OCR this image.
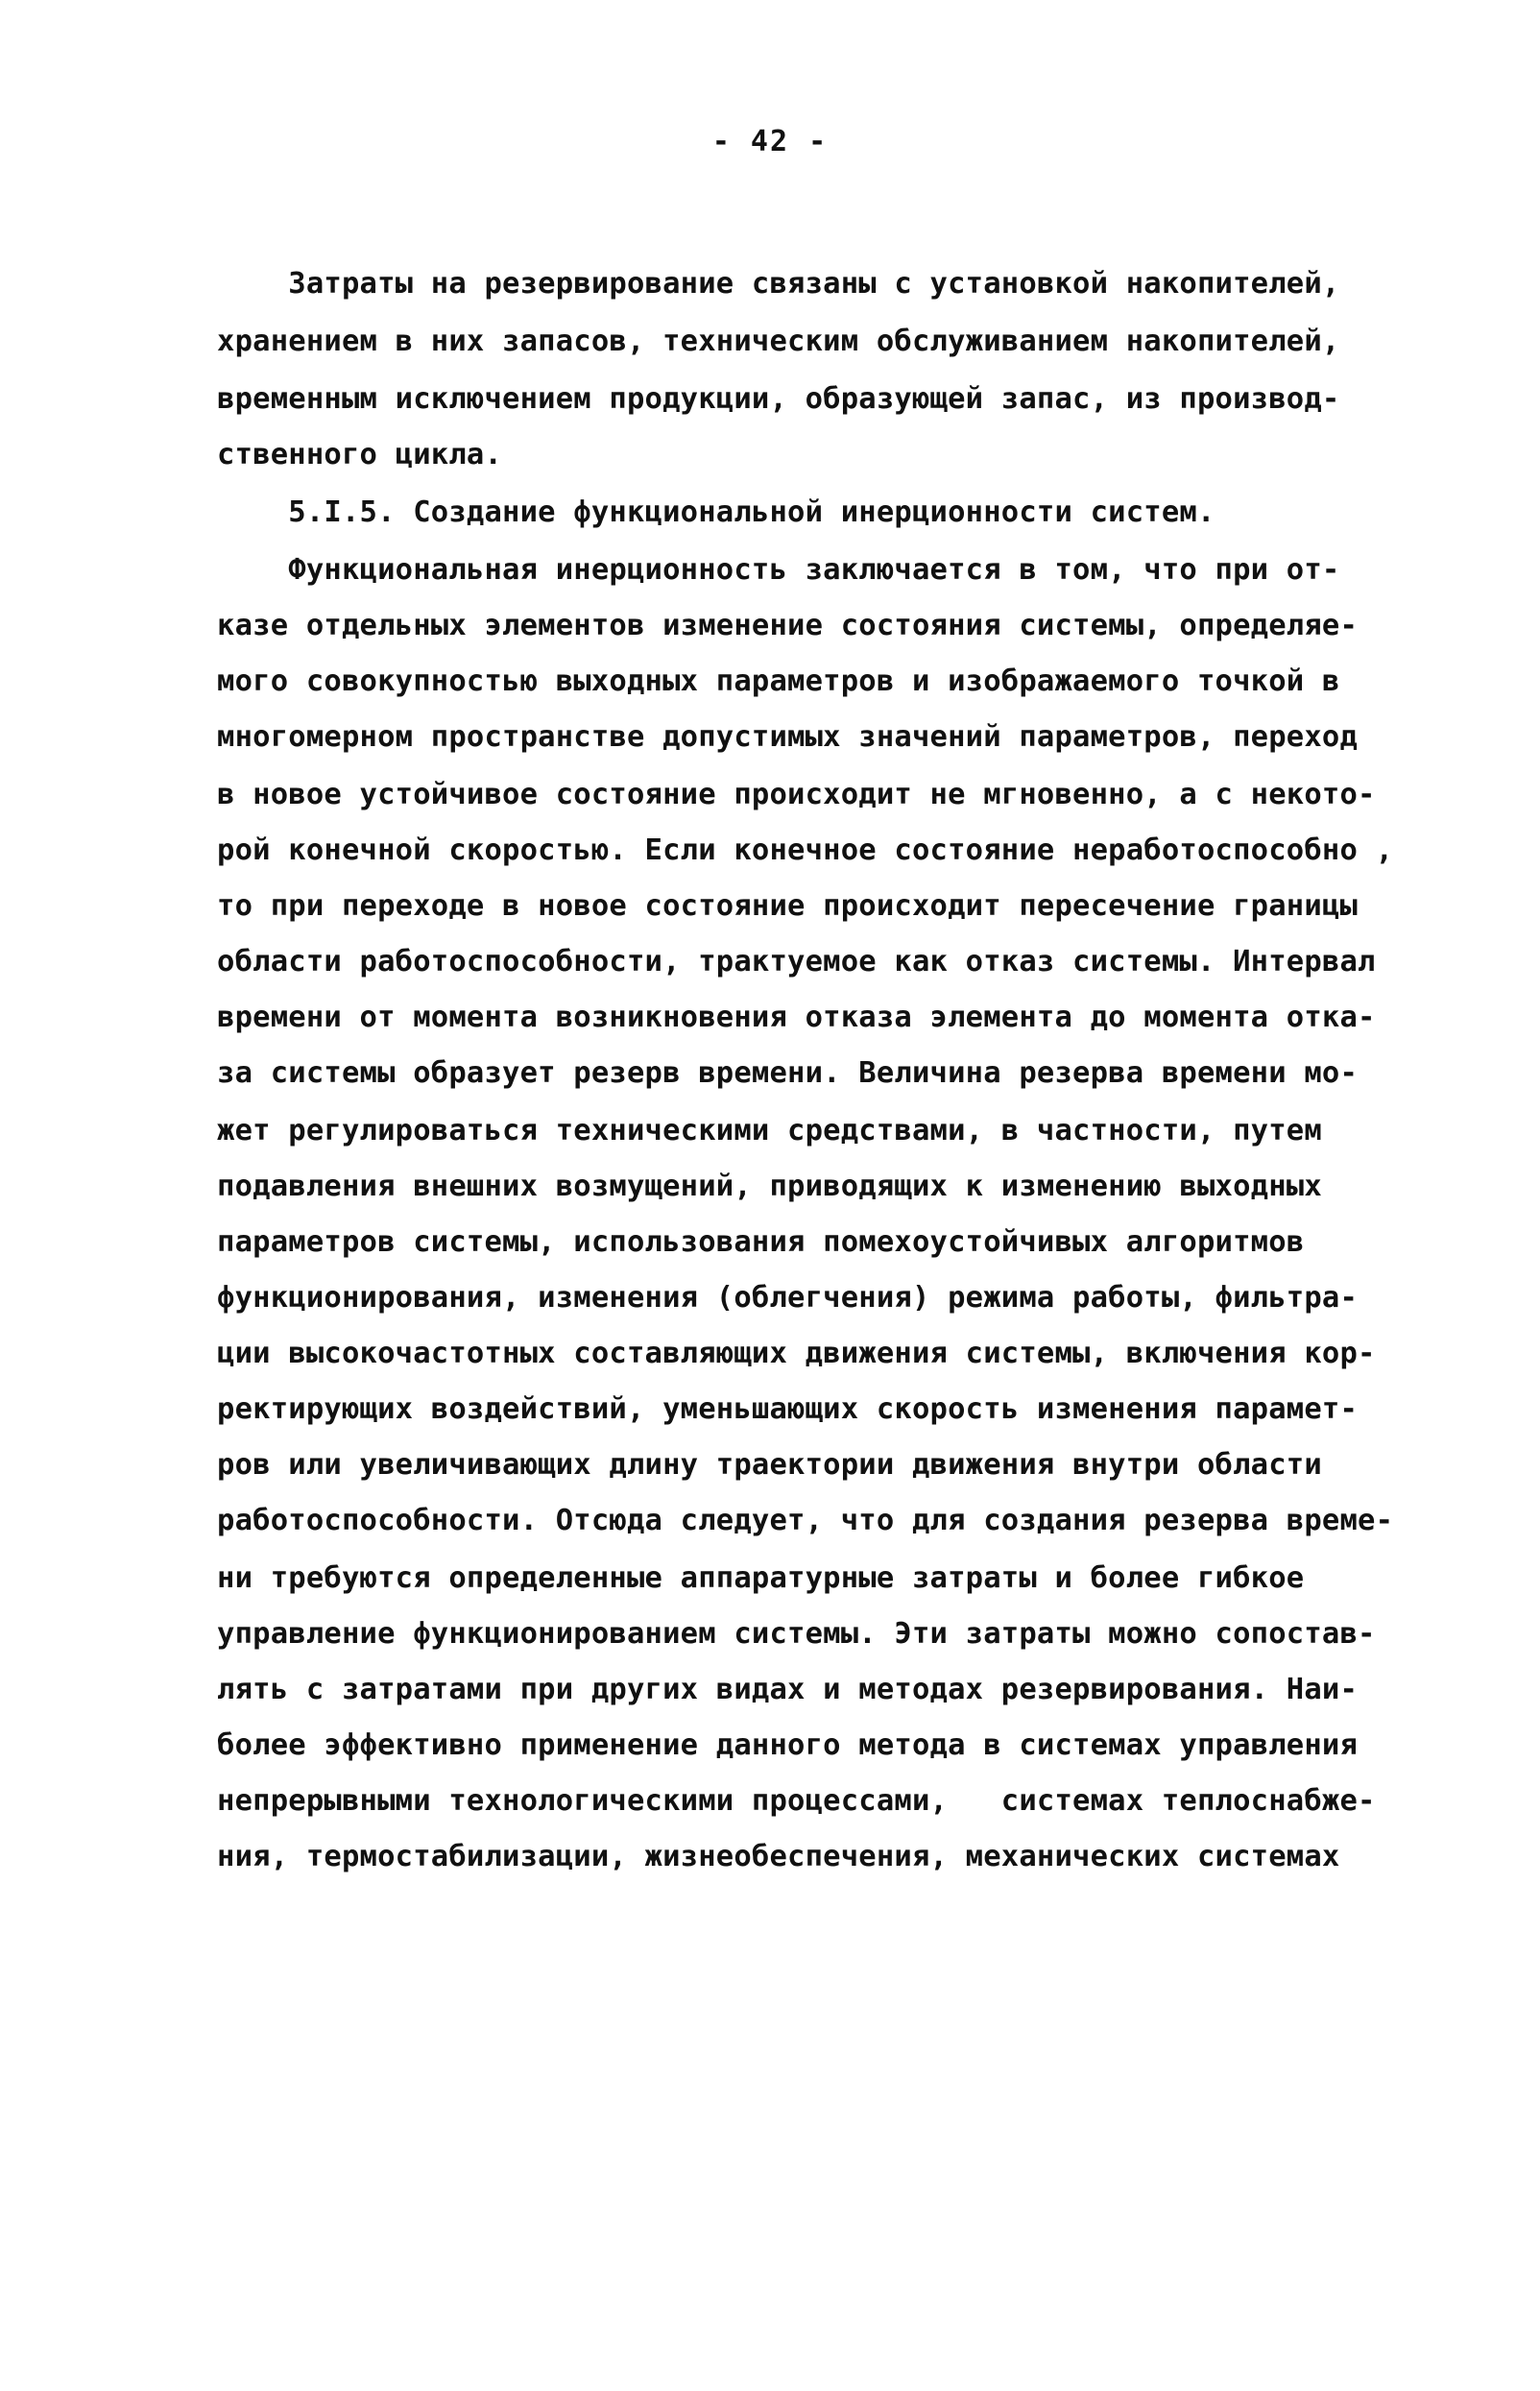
- 42 -
Затраты на резервирование связаны с установкой накопителей,
хранением в них запасов, техническим обслуживанием накопителей,
временным исключением продукции, образующей запас, из производ-
ственного цикла.
5.I.5. Создание функциональной инерционности систем.
Функциональная инерционность заключается в том, что при от-
казе отдельных элементов изменение состояния системы, определяе-
мого совокупностью выходных параметров и изображаемого точкой в
многомерном пространстве допустимых значений параметров, переход
в новое устойчивое состояние происходит не мгновенно, а с некото-
рой конечной скоростью. Если конечное состояние неработоспособно ,
то при переходе в новое состояние происходит пересечение границы
области работоспособности, трактуемое как отказ системы. Интервал
времени от момента возникновения отказа элемента до момента отка-
за системы образует резерв времени. Величина резерва времени мо-
жет регулироваться техническими средствами, в частности, путем
подавления внешних возмущений, приводящих к изменению выходных
параметров системы, использования помехоустойчивых алгоритмов
функционирования, изменения (облегчения) режима работы, фильтра-
ции высокочастотных составляющих движения системы, включения кор-
ректирующих воздействий, уменьшающих скорость изменения парамет-
ров или увеличивающих длину траектории движения внутри области
работоспособности. Отсюда следует, что для создания резерва време-
ни требуются определенные аппаратурные затраты и более гибкое
управление функционированием системы. Эти затраты можно сопостав-
лять с затратами при других видах и методах резервирования. Наи-
более эффективно применение данного метода в системах управления
непрерывными технологическими процессами,   системах теплоснабже-
ния, термостабилизации, жизнеобеспечения, механических системах
